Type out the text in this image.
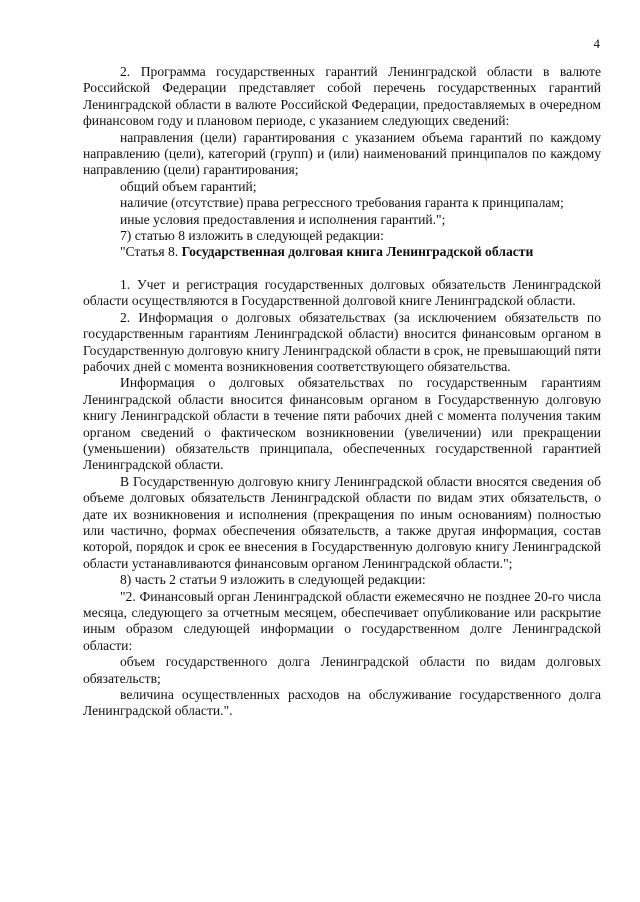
4

2. Программа государственных гарантий Ленинградской области в валюте Российской Федерации представляет собой перечень государственных гарантий Ленинградской области в валюте Российской Федерации, предоставляемых в очередном финансовом году и плановом периоде, с указанием следующих сведений:

направления (цели) гарантирования с указанием объема гарантий по каждому направлению (цели), категорий (групп) и (или) наименований принципалов по каждому направлению (цели) гарантирования;

общий объем гарантий;

наличие (отсутствие) права регрессного требования гаранта к принципалам;

иные условия предоставления и исполнения гарантий.";

7) статью 8 изложить в следующей редакции:

"Статья 8. Государственная долговая книга Ленинградской области

1. Учет и регистрация государственных долговых обязательств Ленинградской области осуществляются в Государственной долговой книге Ленинградской области.

2. Информация о долговых обязательствах (за исключением обязательств по государственным гарантиям Ленинградской области) вносится финансовым органом в Государственную долговую книгу Ленинградской области в срок, не превышающий пяти рабочих дней с момента возникновения соответствующего обязательства.

Информация о долговых обязательствах по государственным гарантиям Ленинградской области вносится финансовым органом в Государственную долговую книгу Ленинградской области в течение пяти рабочих дней с момента получения таким органом сведений о фактическом возникновении (увеличении) или прекращении (уменьшении) обязательств принципала, обеспеченных государственной гарантией Ленинградской области.

В Государственную долговую книгу Ленинградской области вносятся сведения об объеме долговых обязательств Ленинградской области по видам этих обязательств, о дате их возникновения и исполнения (прекращения по иным основаниям) полностью или частично, формах обеспечения обязательств, а также другая информация, состав которой, порядок и срок ее внесения в Государственную долговую книгу Ленинградской области устанавливаются финансовым органом Ленинградской области.";

8) часть 2 статьи 9 изложить в следующей редакции:

"2. Финансовый орган Ленинградской области ежемесячно не позднее 20-го числа месяца, следующего за отчетным месяцем, обеспечивает опубликование или раскрытие иным образом следующей информации о государственном долге Ленинградской области:

объем государственного долга Ленинградской области по видам долговых обязательств;

величина осуществленных расходов на обслуживание государственного долга Ленинградской области.".
